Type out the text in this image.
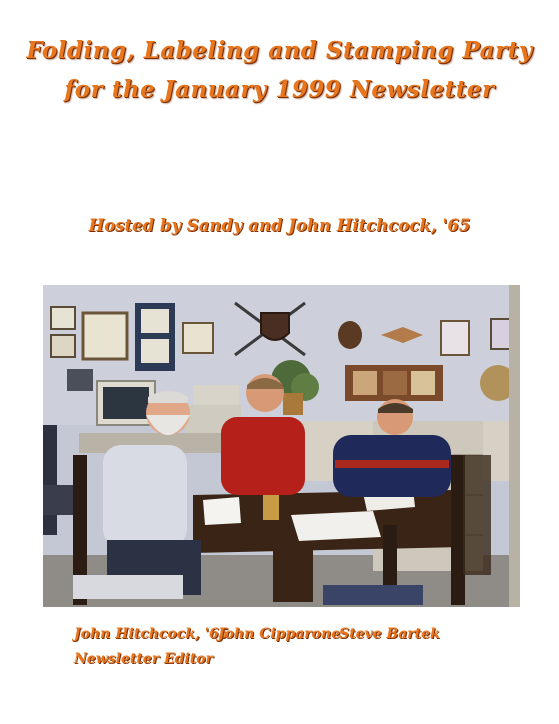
Folding, Labeling and Stamping Party
for the January 1999 Newsletter
Hosted by Sandy and John Hitchcock, '65
John Hitchcock, '65
John Cipparone
Steve Bartek
Newsletter Editor
